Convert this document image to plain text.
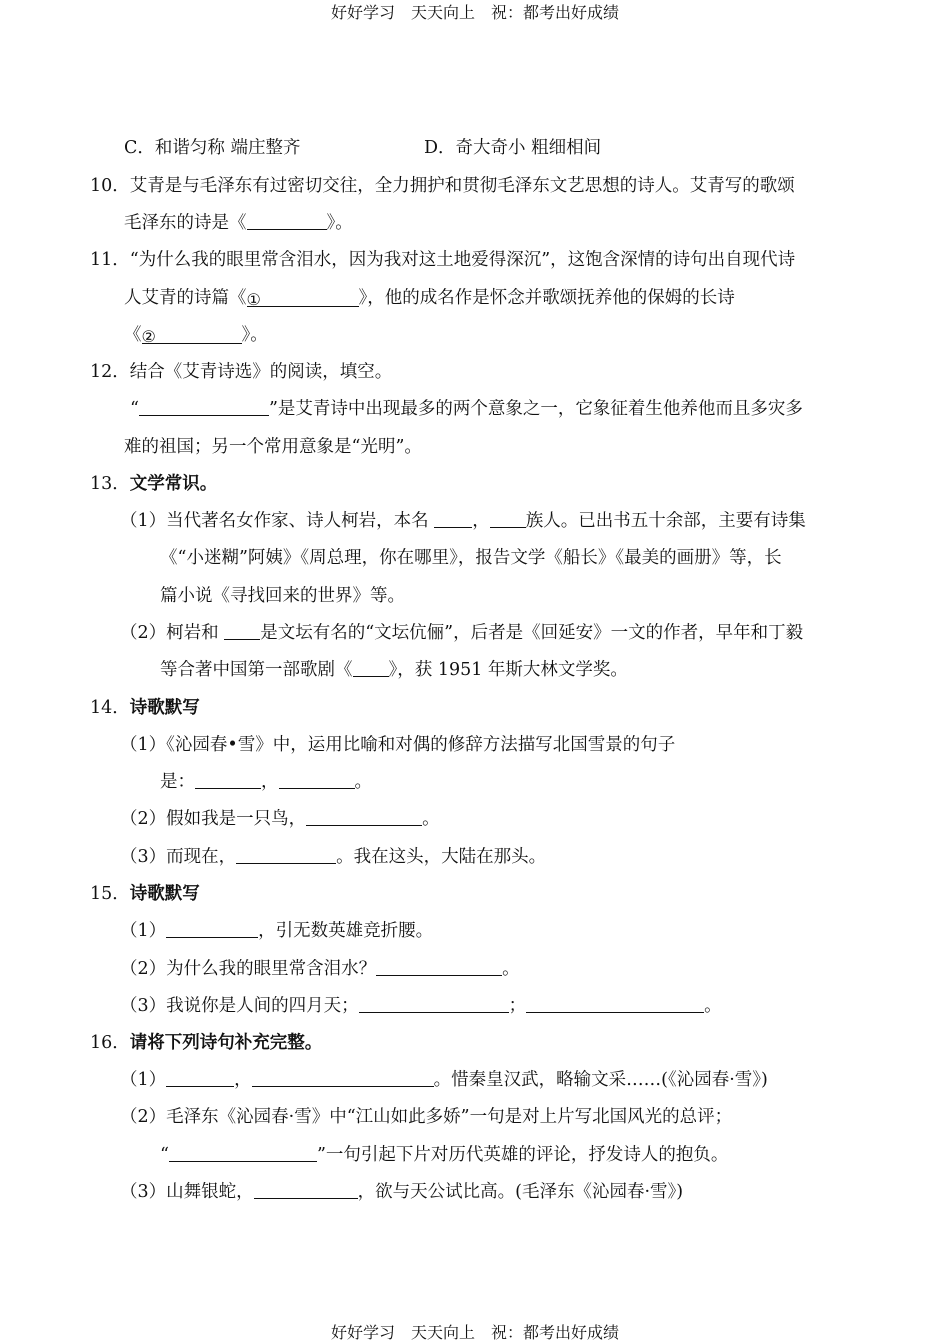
好好学习　天天向上　祝：都考出好成绩
C．和谐匀称 端庄整齐	D．奇大奇小 粗细相间
10．艾青是与毛泽东有过密切交往，全力拥护和贯彻毛泽东文艺思想的诗人。艾青写的歌颂
毛泽东的诗是《	》。
11．“为什么我的眼里常含泪水，因为我对这土地爱得深沉”，这饱含深情的诗句出自现代诗
人艾青的诗篇《①	》，他的成名作是怀念并歌颂抚养他的保姆的长诗
《②	》。
12．结合《艾青诗选》的阅读，填空。
“	”是艾青诗中出现最多的两个意象之一，它象征着生他养他而且多灾多
难的祖国；另一个常用意象是“光明”。
13．文学常识。
（1）当代著名女作家、诗人柯岩，本名 ， 族人。已出书五十余部，主要有诗集
《“小迷糊”阿姨》《周总理，你在哪里》，报告文学《船长》《最美的画册》等，长
篇小说《寻找回来的世界》等。
（2）柯岩和 是文坛有名的“文坛伉俪”，后者是《回延安》一文的作者，早年和丁毅
等合著中国第一部歌剧《 》，获 1951 年斯大林文学奖。
14．诗歌默写
（1）《沁园春•雪》中，运用比喻和对偶的修辞方法描写北国雪景的句子
是：	，	。
（2）假如我是一只鸟，	。
（3）而现在，	。我在这头，大陆在那头。
15．诗歌默写
（1）	，引无数英雄竞折腰。
（2）为什么我的眼里常含泪水？	。
（3）我说你是人间的四月天；	；	。
16．请将下列诗句补充完整。
（1）	，	。惜秦皇汉武，略输文采……(《沁园春·雪》)
（2）毛泽东《沁园春·雪》中“江山如此多娇”一句是对上片写北国风光的总评；
“	”一句引起下片对历代英雄的评论，抒发诗人的抱负。
（3）山舞银蛇，	，欲与天公试比高。(毛泽东《沁园春·雪》)
好好学习　天天向上　祝：都考出好成绩
